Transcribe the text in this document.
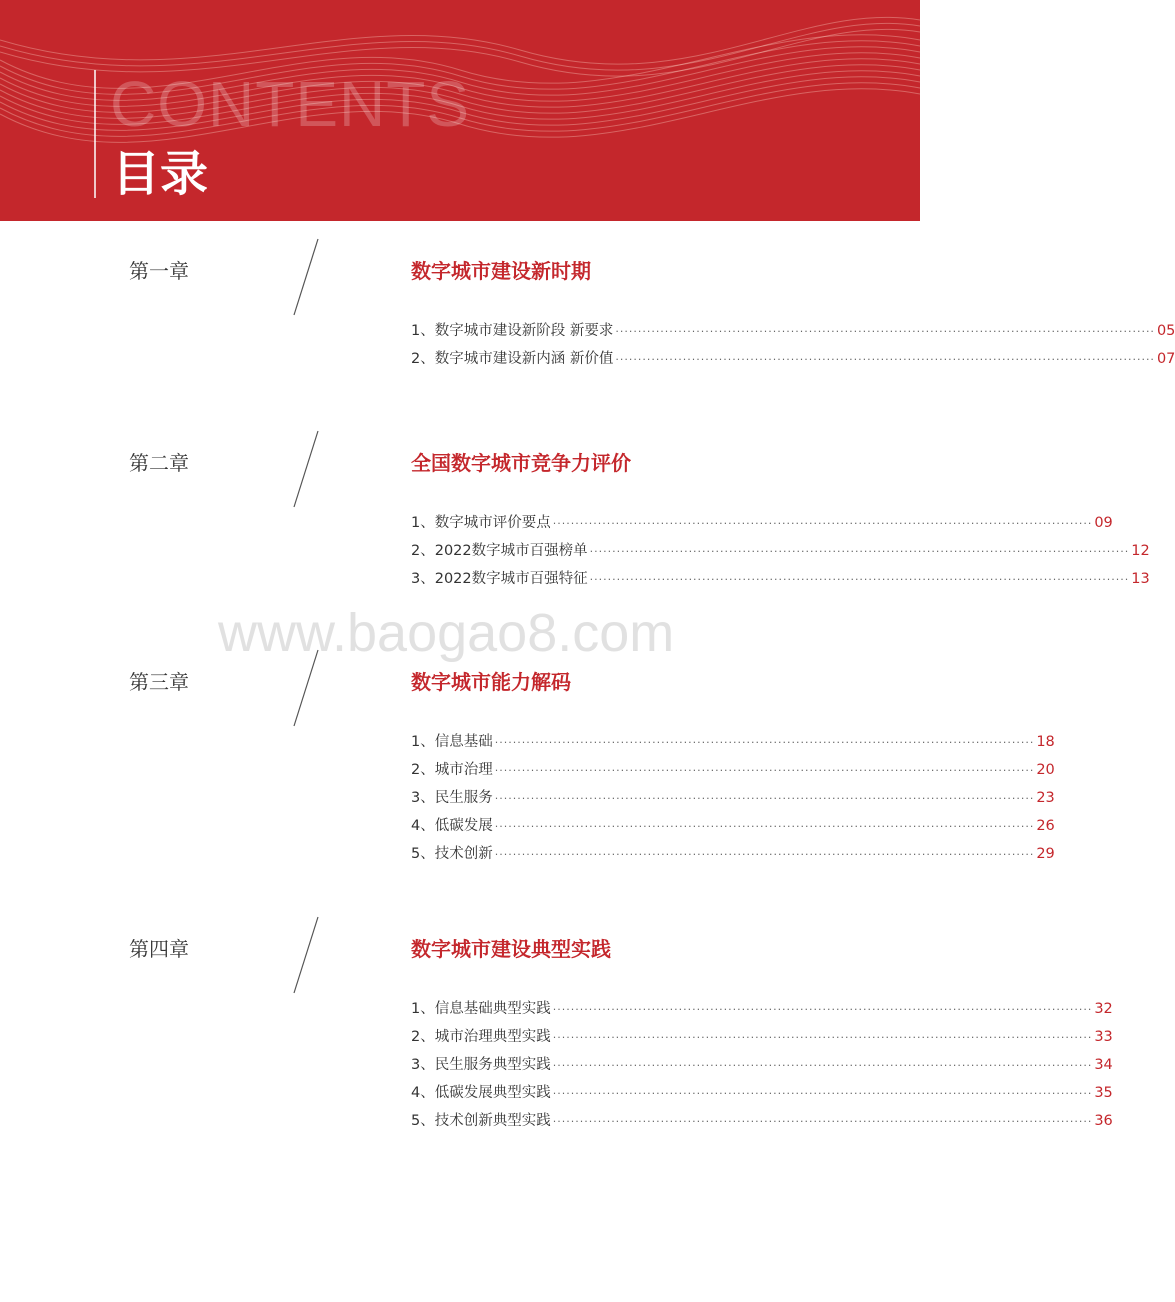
CONTENTS
目录
www.baogao8.com
第一章	数字城市建设新时期
1、数字城市建设新阶段 新要求 ························································································································ 05
2、数字城市建设新内涵 新价值 ························································································································ 07
第二章	全国数字城市竞争力评价
1、数字城市评价要点 ························································································································ 09
2、2022数字城市百强榜单 ························································································································ 12
3、2022数字城市百强特征 ························································································································ 13
第三章	数字城市能力解码
1、信息基础 ························································································································ 18
2、城市治理 ························································································································ 20
3、民生服务 ························································································································ 23
4、低碳发展 ························································································································ 26
5、技术创新 ························································································································ 29
第四章	数字城市建设典型实践
1、信息基础典型实践 ························································································································ 32
2、城市治理典型实践 ························································································································ 33
3、民生服务典型实践 ························································································································ 34
4、低碳发展典型实践 ························································································································ 35
5、技术创新典型实践 ························································································································ 36
